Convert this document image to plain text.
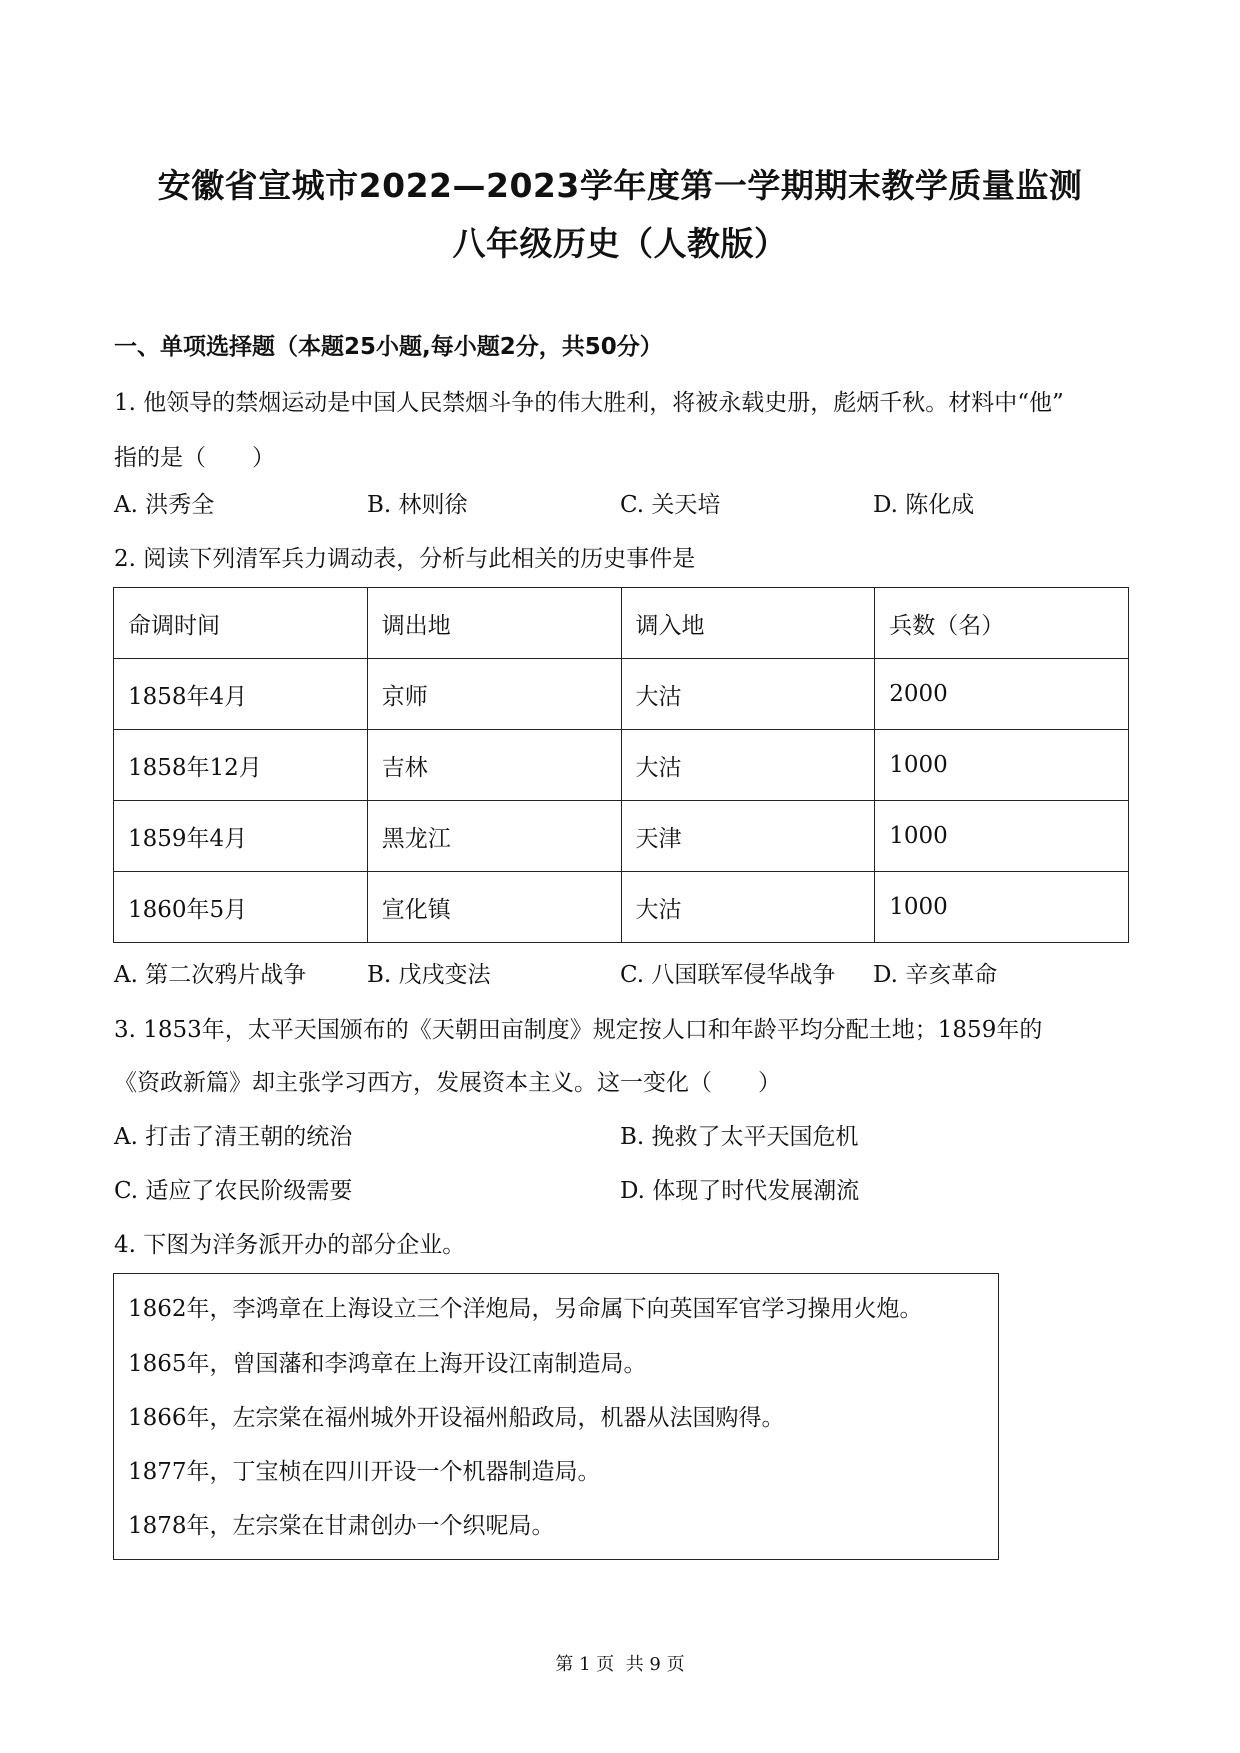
安徽省宣城市2022—2023学年度第一学期期末教学质量监测
八年级历史（人教版）
一、单项选择题（本题25小题,每小题2分，共50分）
1. 他领导的禁烟运动是中国人民禁烟斗争的伟大胜利，将被永载史册，彪炳千秋。材料中“他”
指的是（　　）
A. 洪秀全	B. 林则徐	C. 关天培	D. 陈化成
2. 阅读下列清军兵力调动表，分析与此相关的历史事件是
命调时间	调出地	调入地	兵数（名）
1858年4月	京师	大沽	2000
1858年12月	吉林	大沽	1000
1859年4月	黑龙江	天津	1000
1860年5月	宣化镇	大沽	1000
A. 第二次鸦片战争	B. 戊戌变法	C. 八国联军侵华战争 D. 辛亥革命
3. 1853年，太平天国颁布的《天朝田亩制度》规定按人口和年龄平均分配土地；1859年的
《资政新篇》却主张学习西方，发展资本主义。这一变化（　　）
A. 打击了清王朝的统治	B. 挽救了太平天国危机
C. 适应了农民阶级需要	D. 体现了时代发展潮流
4. 下图为洋务派开办的部分企业。
1862年，李鸿章在上海设立三个洋炮局，另命属下向英国军官学习操用火炮。
1865年，曾国藩和李鸿章在上海开设江南制造局。
1866年，左宗棠在福州城外开设福州船政局，机器从法国购得。
1877年，丁宝桢在四川开设一个机器制造局。
1878年，左宗棠在甘肃创办一个织呢局。
第 1 页  共 9 页
